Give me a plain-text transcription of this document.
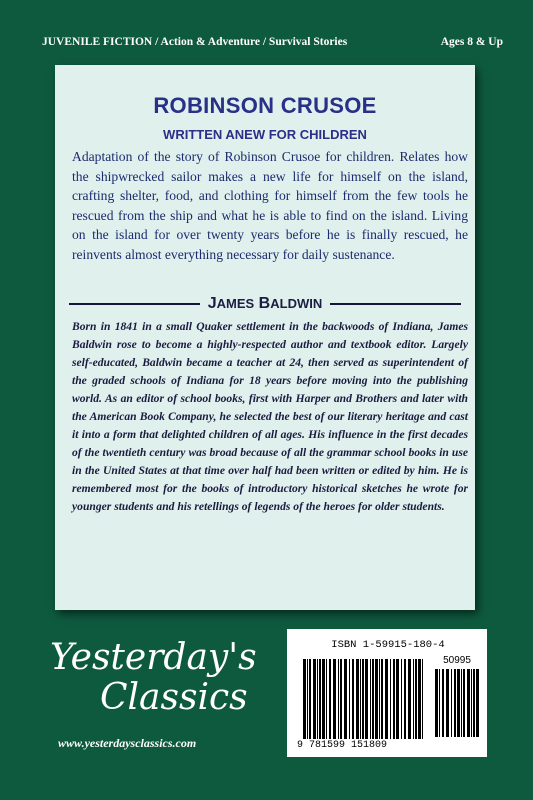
JUVENILE FICTION / Action & Adventure / Survival Stories	Ages 8 & Up
ROBINSON CRUSOE
WRITTEN ANEW FOR CHILDREN

Adaptation of the story of Robinson Crusoe for children. Relates how the shipwrecked sailor makes a new life for himself on the island, crafting shelter, food, and clothing for himself from the few tools he rescued from the ship and what he is able to find on the island. Living on the island for over twenty years before he is finally rescued, he reinvents almost everything necessary for daily sustenance.

JAMES BALDWIN

Born in 1841 in a small Quaker settlement in the backwoods of Indiana, James Baldwin rose to become a highly-respected author and textbook editor. Largely self-educated, Baldwin became a teacher at 24, then served as superintendent of the graded schools of Indiana for 18 years before moving into the publishing world. As an editor of school books, first with Harper and Brothers and later with the American Book Company, he selected the best of our literary heritage and cast it into a form that delighted children of all ages. His influence in the first decades of the twentieth century was broad because of all the grammar school books in use in the United States at that time over half had been written or edited by him. He is remembered most for the books of introductory historical sketches he wrote for younger students and his retellings of legends of the heroes for older students.

Yesterday's
Classics
www.yesterdaysclassics.com
ISBN 1-59915-180-4
50995
9 781599 151809
